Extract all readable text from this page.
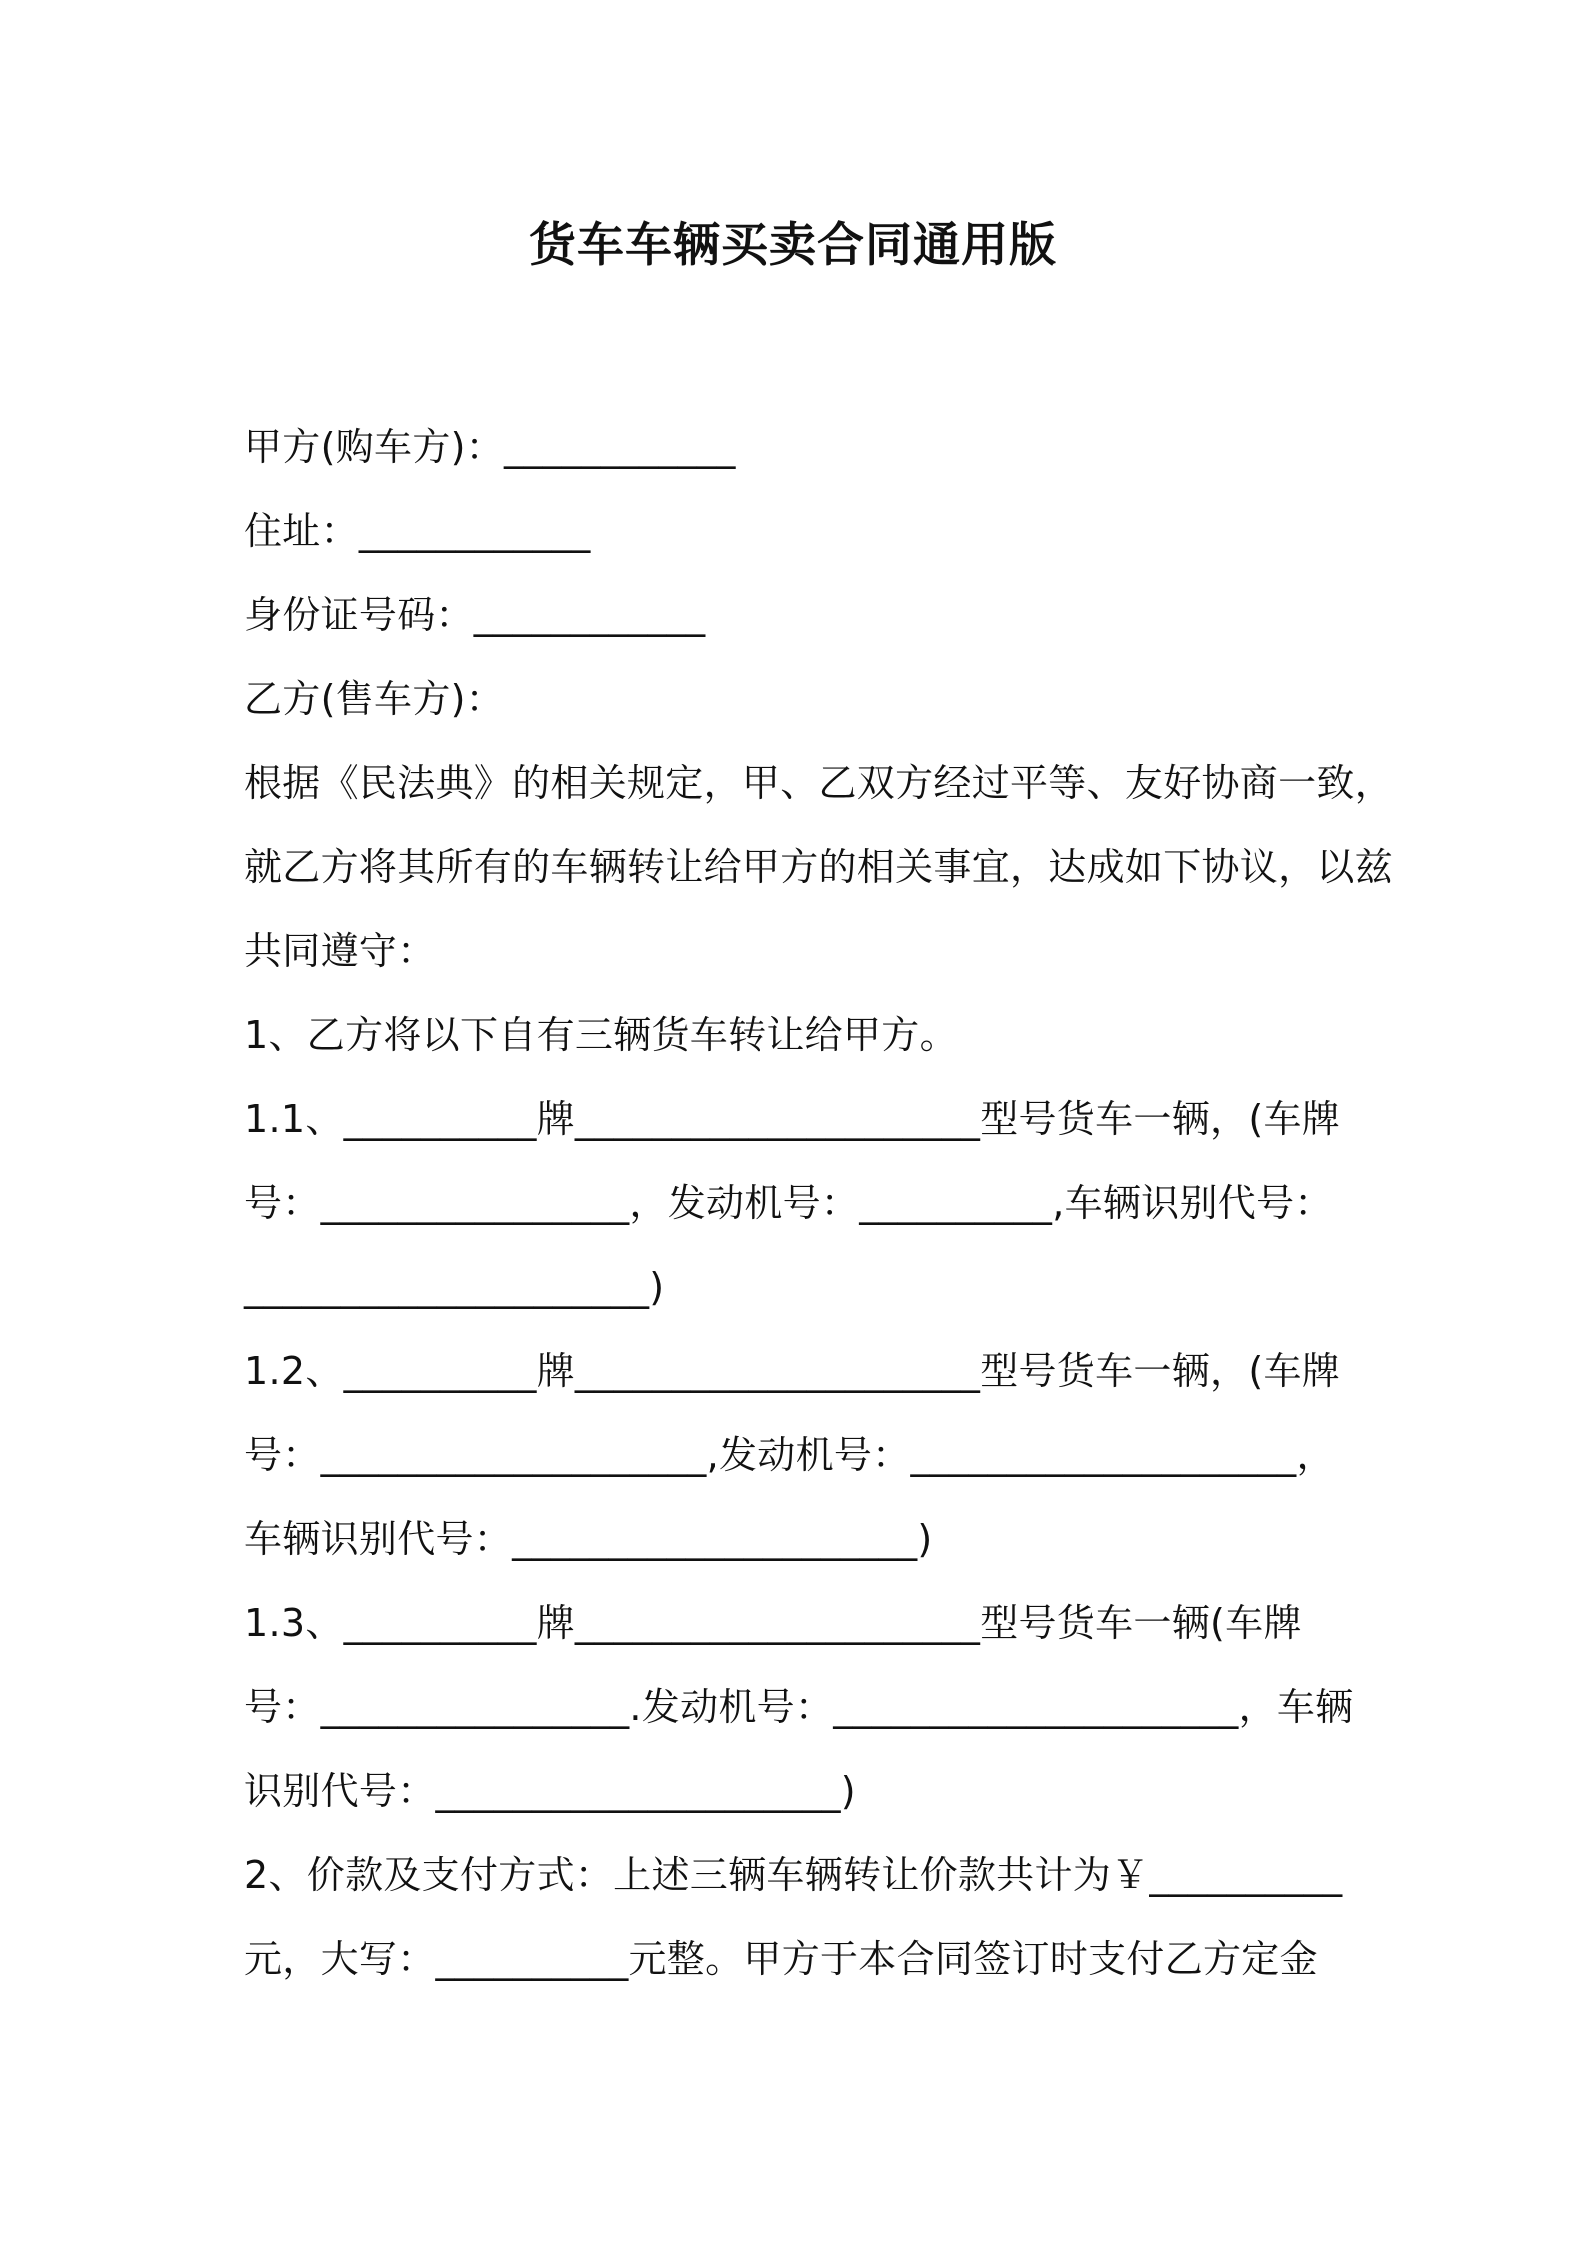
货车车辆买卖合同通用版
甲方(购车方)：____________
住址：____________
身份证号码：____________
乙方(售车方)：
根据《民法典》的相关规定，甲、乙双方经过平等、友好协商一致，
就乙方将其所有的车辆转让给甲方的相关事宜，达成如下协议，以兹
共同遵守：
1、乙方将以下自有三辆货车转让给甲方。
1.1、__________牌_____________________型号货车一辆，(车牌
号：________________，发动机号：__________,车辆识别代号：
_____________________)
1.2、__________牌_____________________型号货车一辆，(车牌
号：____________________,发动机号：____________________，
车辆识别代号：_____________________)
1.3、__________牌_____________________型号货车一辆(车牌
号：________________.发动机号：_____________________，车辆
识别代号：_____________________)
2、价款及支付方式：上述三辆车辆转让价款共计为￥__________
元，大写：__________元整。甲方于本合同签订时支付乙方定金
